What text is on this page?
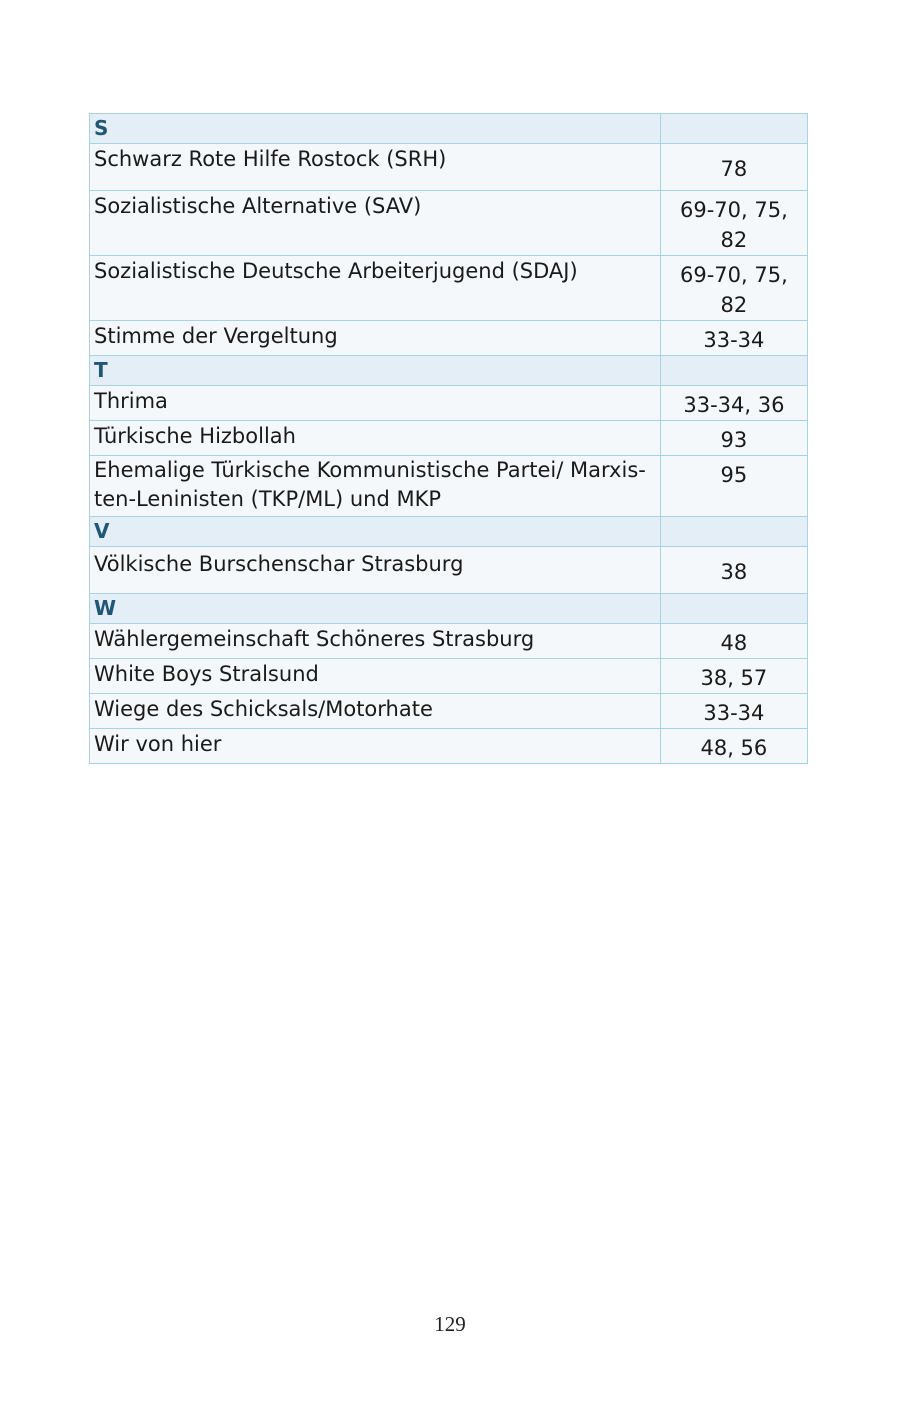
S	
Schwarz Rote Hilfe Rostock (SRH)	78
Sozialistische Alternative (SAV)	69-70, 75, 82
Sozialistische Deutsche Arbeiterjugend (SDAJ)	69-70, 75, 82
Stimme der Vergeltung	33-34
T	
Thrima	33-34, 36
Türkische Hizbollah	93

Ehemalige Türkische Kommunistische Partei/ Marxis-
ten-Leninisten (TKP/ML) und MKP	95
V	
Völkische Burschenschar Strasburg	38
W	
Wählergemeinschaft Schöneres Strasburg	48
White Boys Stralsund	38, 57
Wiege des Schicksals/Motorhate	33-34
Wir von hier	48, 56
129
